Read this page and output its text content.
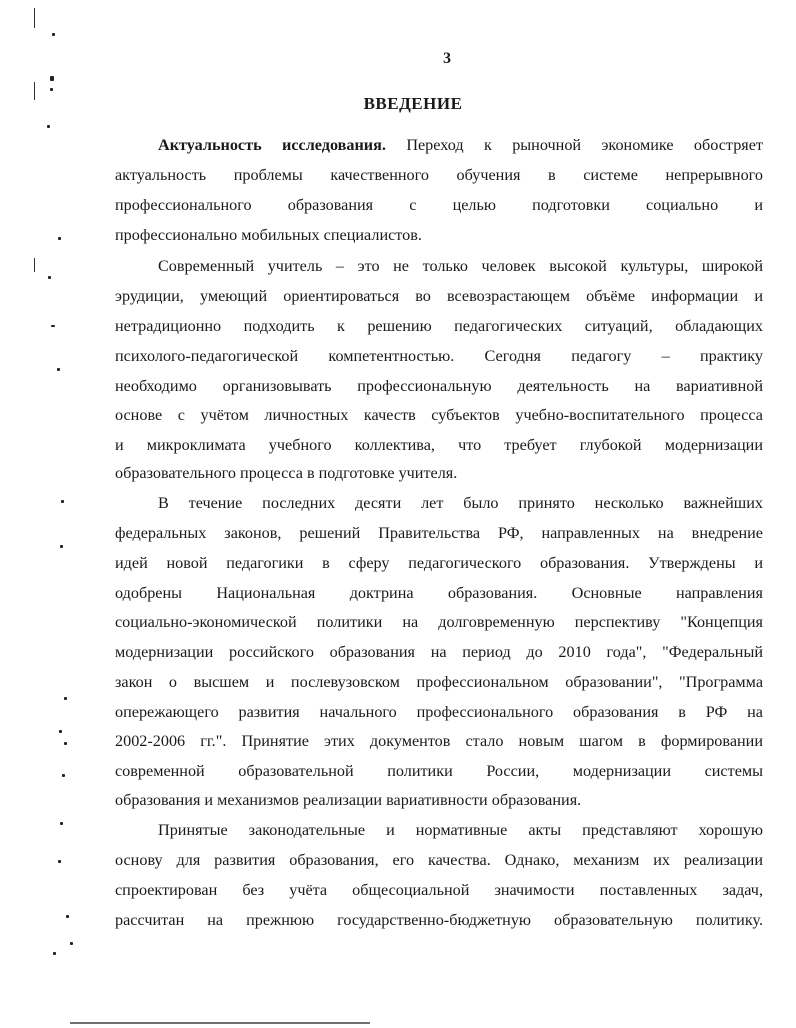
3
ВВЕДЕНИЕ
Актуальность исследования. Переход к рыночной экономике обостряет
актуальность проблемы качественного обучения в системе непрерывного
профессионального образования с целью подготовки социально и
профессионально мобильных специалистов.
Современный учитель – это не только человек высокой культуры, широкой
эрудиции, умеющий ориентироваться во всевозрастающем объёме информации и
нетрадиционно подходить к решению педагогических ситуаций, обладающих
психолого-педагогической компетентностью. Сегодня педагогу – практику
необходимо организовывать профессиональную деятельность на вариативной
основе с учётом личностных качеств субъектов учебно-воспитательного процесса
и микроклимата учебного коллектива, что требует глубокой модернизации
образовательного процесса в подготовке учителя.
В течение последних десяти лет было принято несколько важнейших
федеральных законов, решений Правительства РФ, направленных на внедрение
идей новой педагогики в сферу педагогического образования. Утверждены и
одобрены Национальная доктрина образования. Основные направления
социально-экономической политики на долговременную перспективу "Концепция
модернизации российского образования на период до 2010 года", "Федеральный
закон о высшем и послевузовском профессиональном образовании", "Программа
опережающего развития начального профессионального образования в РФ на
2002-2006 гг.". Принятие этих документов стало новым шагом в формировании
современной образовательной политики России, модернизации системы
образования и механизмов реализации вариативности образования.
Принятые законодательные и нормативные акты представляют хорошую
основу для развития образования, его качества. Однако, механизм их реализации
спроектирован без учёта общесоциальной значимости поставленных задач,
рассчитан на прежнюю государственно-бюджетную образовательную политику.
